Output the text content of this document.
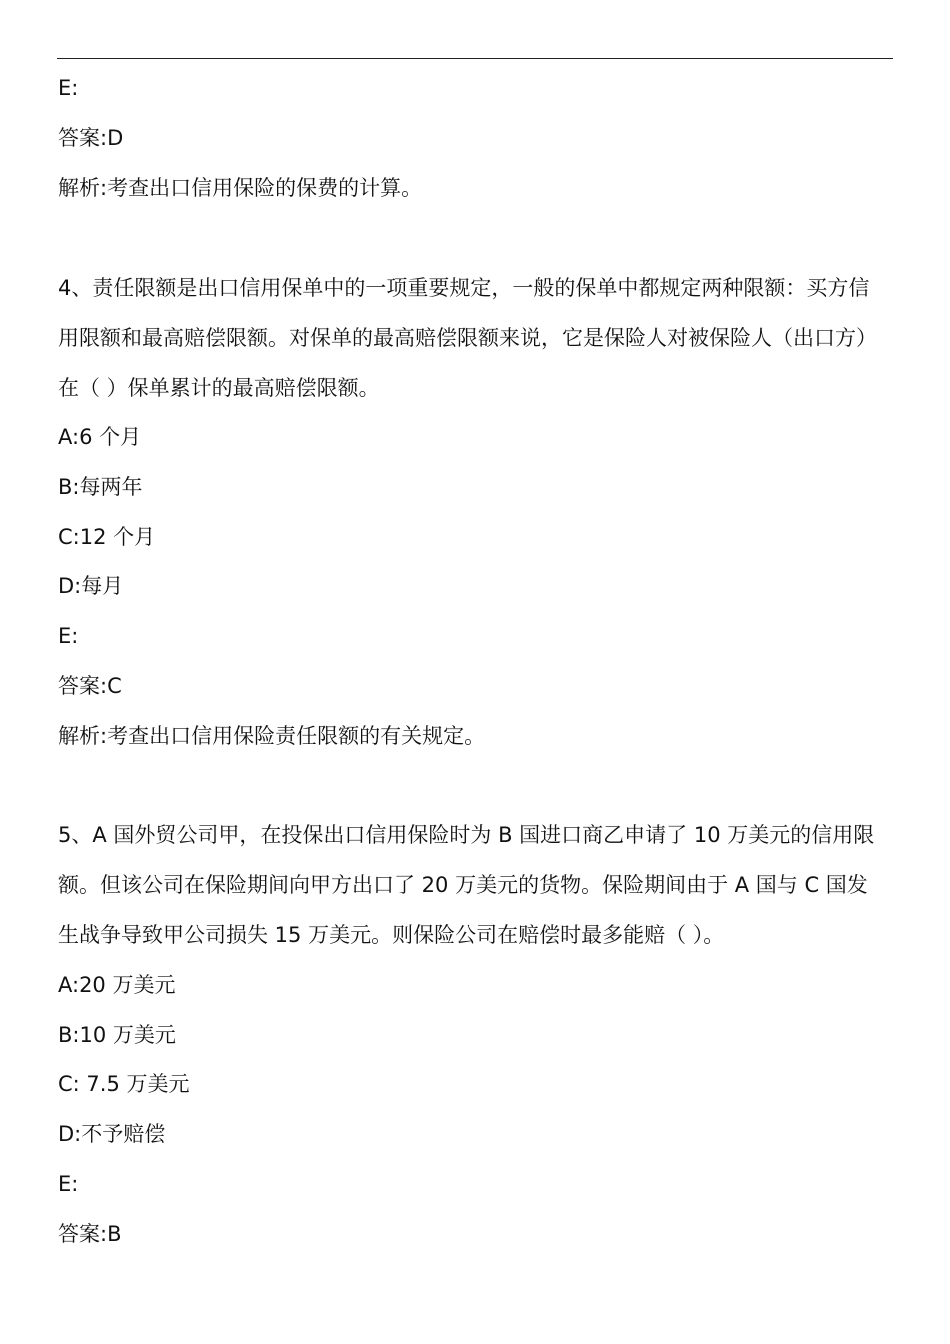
E:
答案:D
解析:考查出口信用保险的保费的计算。
4、责任限额是出口信用保单中的一项重要规定，一般的保单中都规定两种限额：买方信
用限额和最高赔偿限额。对保单的最高赔偿限额来说，它是保险人对被保险人（出口方）
在（ ）保单累计的最高赔偿限额。
A:6 个月
B:每两年
C:12 个月
D:每月
E:
答案:C
解析:考查出口信用保险责任限额的有关规定。
5、A 国外贸公司甲，在投保出口信用保险时为 B 国进口商乙申请了 10 万美元的信用限
额。但该公司在保险期间向甲方出口了 20 万美元的货物。保险期间由于 A 国与 C 国发
生战争导致甲公司损失 15 万美元。则保险公司在赔偿时最多能赔（ ）。
A:20 万美元
B:10 万美元
C: 7.5 万美元
D:不予赔偿
E:
答案:B
